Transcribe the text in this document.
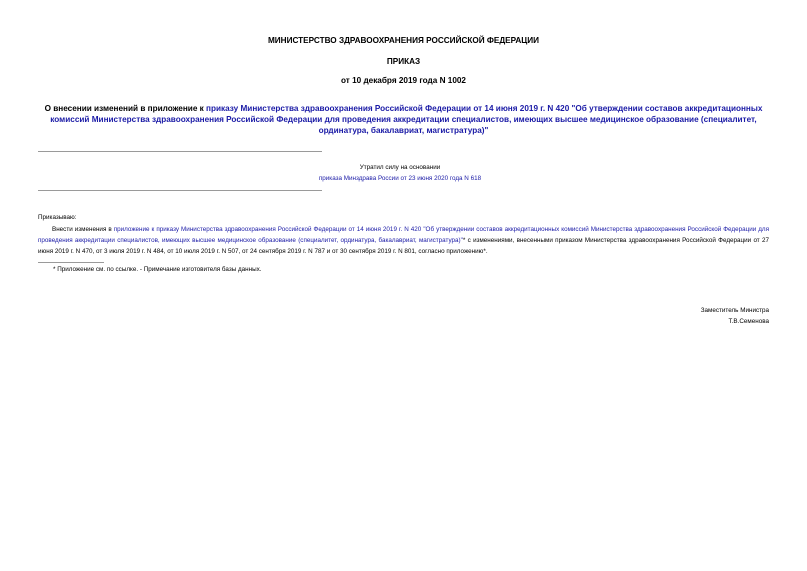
МИНИСТЕРСТВО ЗДРАВООХРАНЕНИЯ РОССИЙСКОЙ ФЕДЕРАЦИИ
ПРИКАЗ
от 10 декабря 2019 года N 1002
О внесении изменений в приложение к приказу Министерства здравоохранения Российской Федерации от 14 июня 2019 г. N 420 "Об утверждении составов аккредитационных комиссий Министерства здравоохранения Российской Федерации для проведения аккредитации специалистов, имеющих высшее медицинское образование (специалитет, ординатура, бакалавриат, магистратура)"
Утратил силу на основании
приказа Минздрава России от 23 июня 2020 года N 618
Приказываю:
Внести изменения в приложение к приказу Министерства здравоохранения Российской Федерации от 14 июня 2019 г. N 420 "Об утверждении составов аккредитационных комиссий Министерства здравоохранения Российской Федерации для проведения аккредитации специалистов, имеющих высшее медицинское образование (специалитет, ординатура, бакалавриат, магистратура)"* с изменениями, внесенными приказом Министерства здравоохранения Российской Федерации от 27 июня 2019 г. N 470, от 3 июля 2019 г. N 484, от 10 июля 2019 г. N 507, от 24 сентября 2019 г. N 787 и от 30 сентября 2019 г. N 801, согласно приложению*.
* Приложение см. по ссылке. - Примечание изготовителя базы данных.
Заместитель Министра
Т.В.Семенова
